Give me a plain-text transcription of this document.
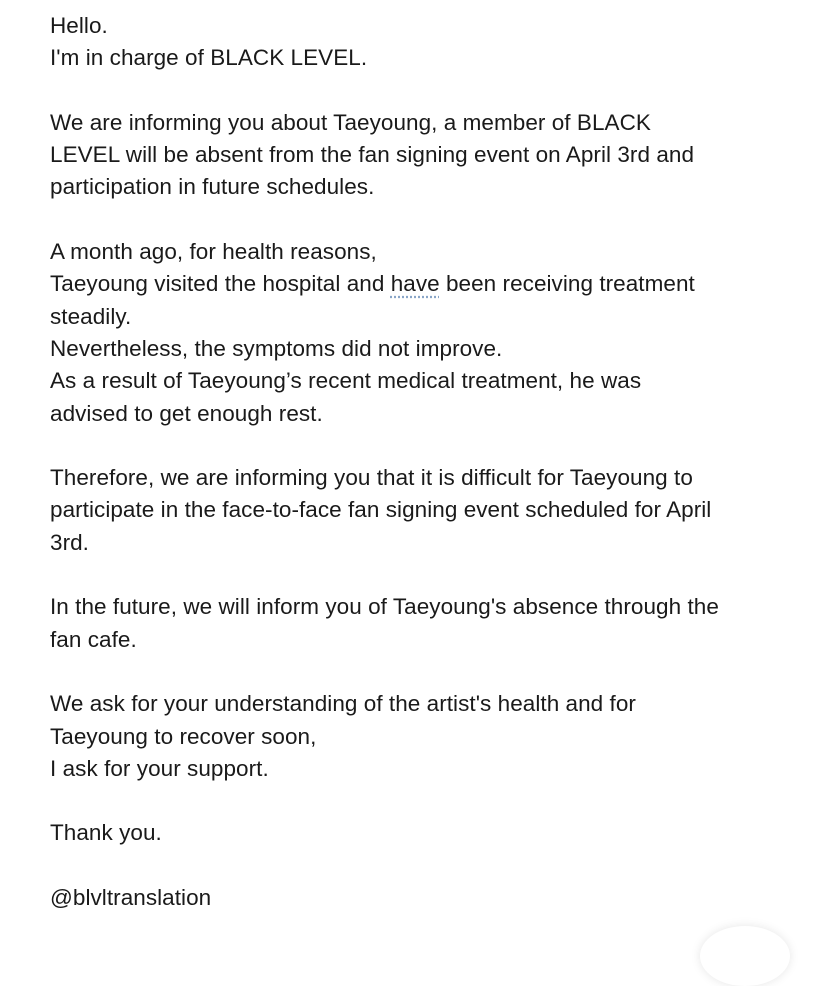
Hello.
I'm in charge of BLACK LEVEL.
We are informing you about Taeyoung, a member of BLACK
LEVEL will be absent from the fan signing event on April 3rd and
participation in future schedules.
A month ago, for health reasons,
Taeyoung visited the hospital and have been receiving treatment
steadily.
Nevertheless, the symptoms did not improve.
As a result of Taeyoung’s recent medical treatment, he was
advised to get enough rest.
Therefore, we are informing you that it is difficult for Taeyoung to
participate in the face-to-face fan signing event scheduled for April
3rd.
In the future, we will inform you of Taeyoung's absence through the
fan cafe.
We ask for your understanding of the artist's health and for
Taeyoung to recover soon,
I ask for your support.
Thank you.
@blvltranslation
